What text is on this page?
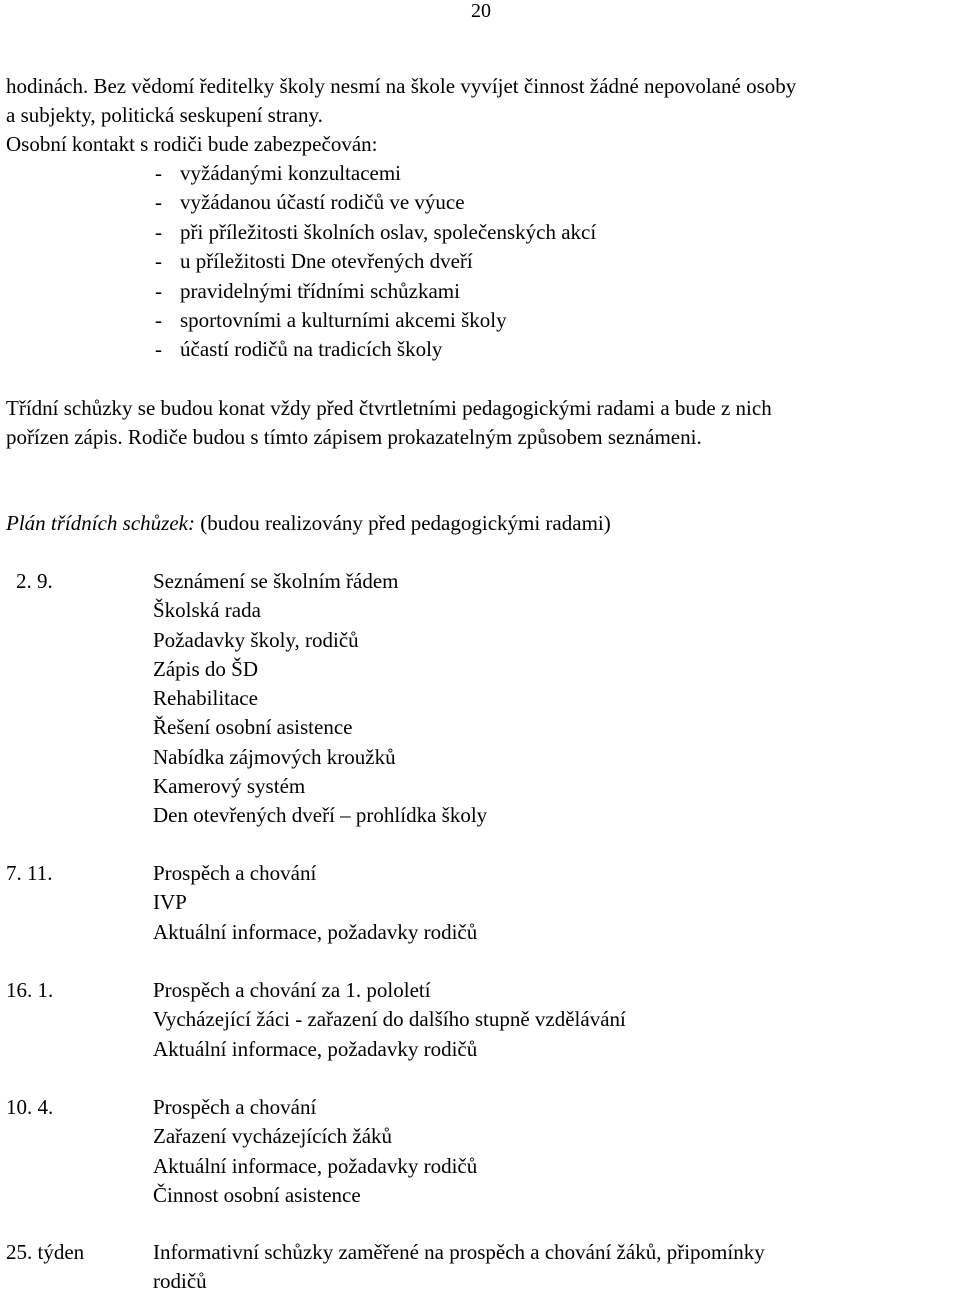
20
hodinách. Bez vědomí ředitelky školy nesmí na škole vyvíjet činnost žádné nepovolané osoby
a subjekty, politická seskupení strany.
Osobní kontakt s rodiči bude zabezpečován:
- vyžádanými konzultacemi
- vyžádanou účastí rodičů ve výuce
- při příležitosti školních oslav, společenských akcí
- u příležitosti Dne otevřených dveří
- pravidelnými třídními schůzkami
- sportovními a kulturními akcemi školy
- účastí rodičů na tradicích školy
Třídní schůzky se budou konat vždy před čtvrtletními pedagogickými radami a bude z nich
pořízen zápis. Rodiče budou s tímto zápisem prokazatelným způsobem seznámeni.
Plán třídních schůzek: (budou realizovány před pedagogickými radami)
2. 9.	Seznámení se školním řádem
Školská rada
Požadavky školy, rodičů
Zápis do ŠD
Rehabilitace
Řešení osobní asistence
Nabídka zájmových kroužků
Kamerový systém
Den otevřených dveří – prohlídka školy
7. 11.	Prospěch a chování
IVP
Aktuální informace, požadavky rodičů
16. 1.	Prospěch a chování za 1. pololetí
Vycházející žáci - zařazení do dalšího stupně vzdělávání
Aktuální informace, požadavky rodičů
10. 4.	Prospěch a chování
Zařazení vycházejících žáků
Aktuální informace, požadavky rodičů
Činnost osobní asistence
25. týden	Informativní schůzky zaměřené na prospěch a chování žáků, připomínky
rodičů
